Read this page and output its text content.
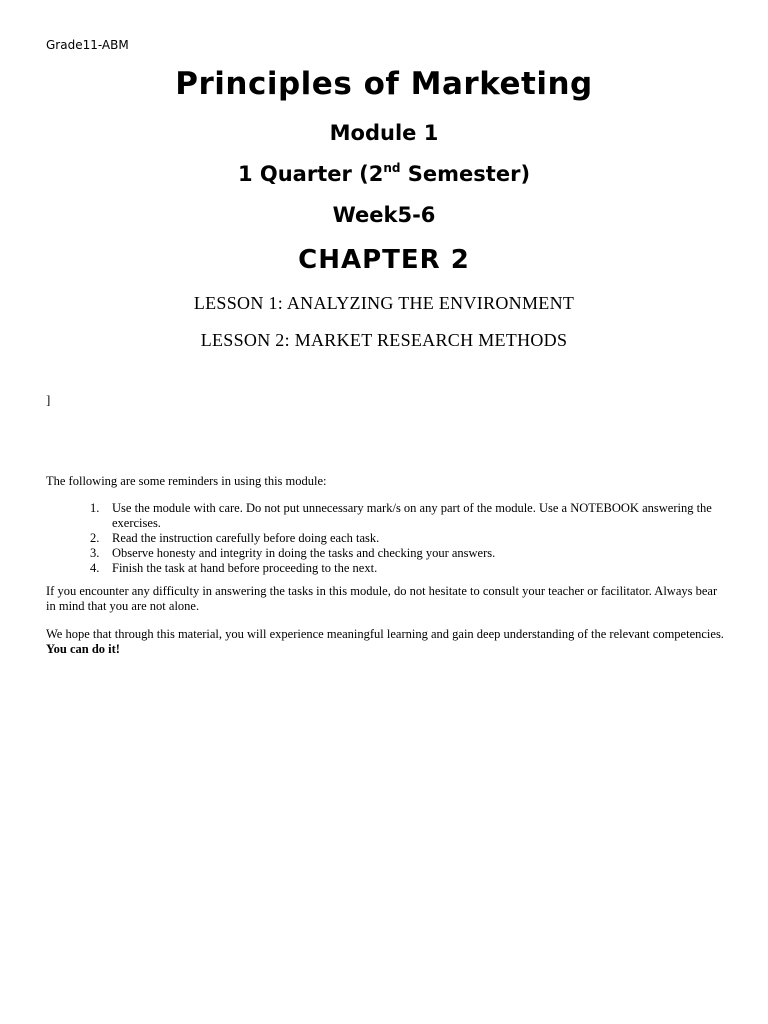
Grade11-ABM
Principles of Marketing
Module 1
1 Quarter (2nd Semester)
Week5-6
CHAPTER 2
LESSON 1: ANALYZING THE ENVIRONMENT
LESSON 2: MARKET RESEARCH METHODS
]
The following are some reminders in using this module:
1. Use the module with care. Do not put unnecessary mark/s on any part of the module. Use a NOTEBOOK answering the exercises.
2. Read the instruction carefully before doing each task.
3. Observe honesty and integrity in doing the tasks and checking your answers.
4. Finish the task at hand before proceeding to the next.
If you encounter any difficulty in answering the tasks in this module, do not hesitate to consult your teacher or facilitator. Always bear in mind that you are not alone.
We hope that through this material, you will experience meaningful learning and gain deep understanding of the relevant competencies. You can do it!
